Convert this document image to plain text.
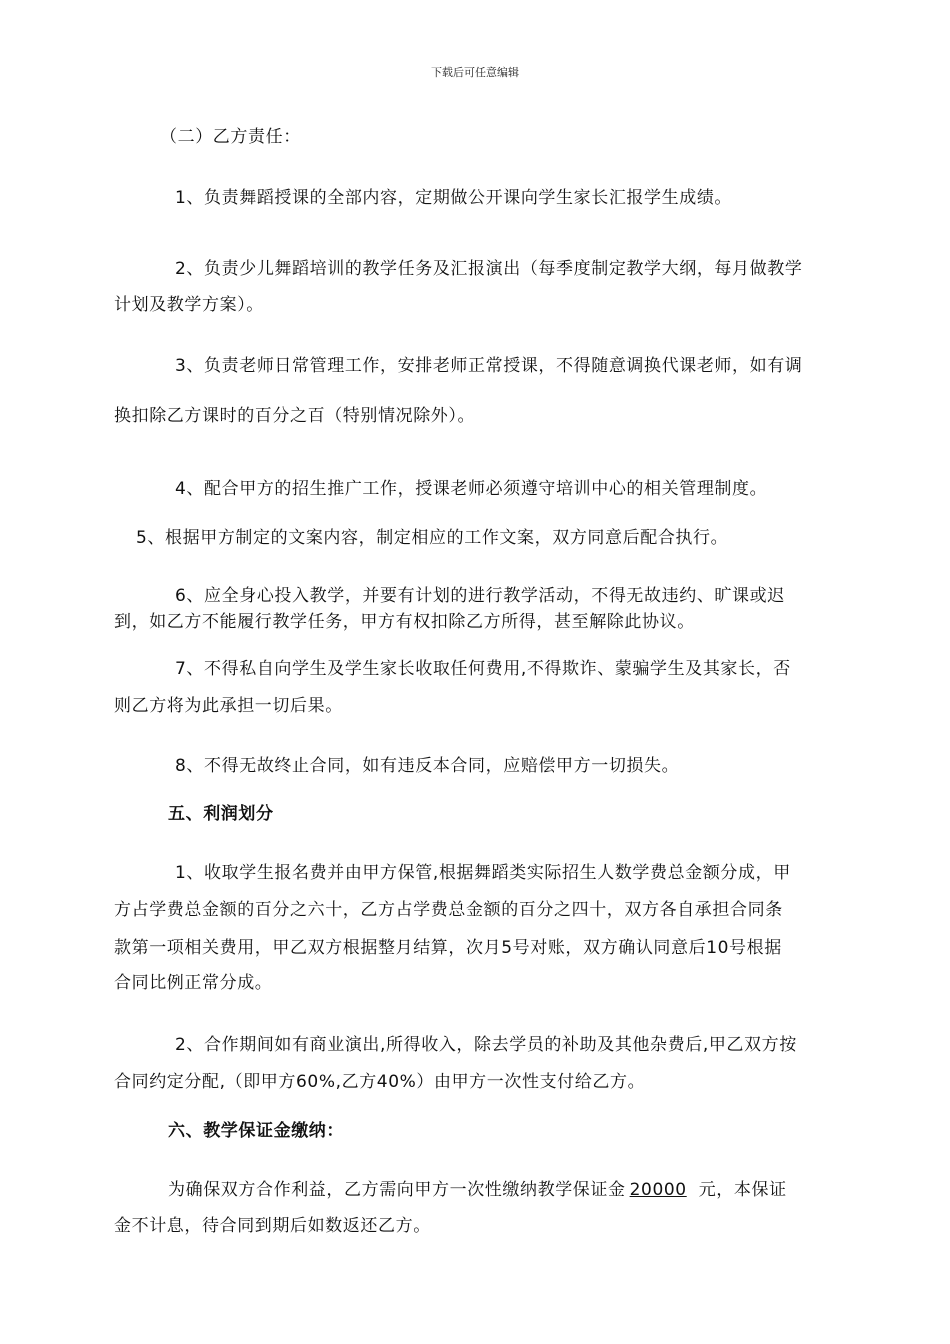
下载后可任意编辑

（二）乙方责任：

1、负责舞蹈授课的全部内容，定期做公开课向学生家长汇报学生成绩。

2、负责少儿舞蹈培训的教学任务及汇报演出（每季度制定教学大纲，每月做教学

计划及教学方案）。

3、负责老师日常管理工作，安排老师正常授课，不得随意调换代课老师，如有调

换扣除乙方课时的百分之百（特别情况除外）。

4、配合甲方的招生推广工作，授课老师必须遵守培训中心的相关管理制度。

5、根据甲方制定的文案内容，制定相应的工作文案，双方同意后配合执行。

6、应全身心投入教学，并要有计划的进行教学活动，不得无故违约、旷课或迟

到，如乙方不能履行教学任务，甲方有权扣除乙方所得，甚至解除此协议。

7、不得私自向学生及学生家长收取任何费用,不得欺诈、蒙骗学生及其家长，否

则乙方将为此承担一切后果。

8、不得无故终止合同，如有违反本合同，应赔偿甲方一切损失。

五、利润划分

1、收取学生报名费并由甲方保管,根据舞蹈类实际招生人数学费总金额分成，甲

方占学费总金额的百分之六十，乙方占学费总金额的百分之四十，双方各自承担合同条

款第一项相关费用，甲乙双方根据整月结算，次月5号对账，双方确认同意后10号根据

合同比例正常分成。

2、合作期间如有商业演出,所得收入，除去学员的补助及其他杂费后,甲乙双方按

合同约定分配,（即甲方60%,乙方40%）由甲方一次性支付给乙方。

六、教学保证金缴纳：

为确保双方合作利益，乙方需向甲方一次性缴纳教学保证金 20000 元，本保证

金不计息，待合同到期后如数返还乙方。
